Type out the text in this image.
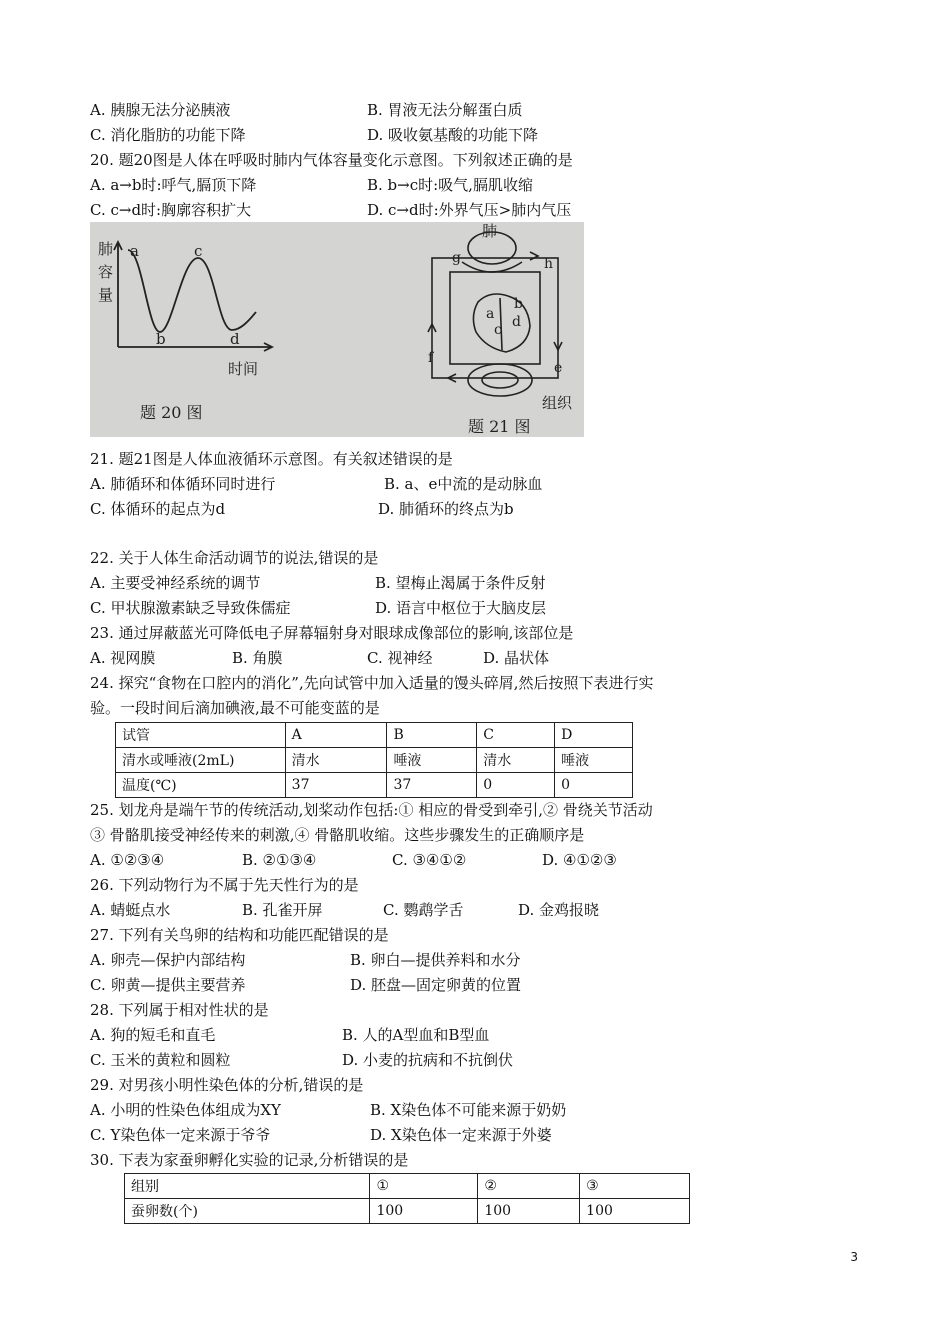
A. 胰腺无法分泌胰液	B. 胃液无法分解蛋白质
C. 消化脂肪的功能下降	D. 吸收氨基酸的功能下降
20. 题20图是人体在呼吸时肺内气体容量变化示意图。下列叙述正确的是
A. a→b时:呼气,膈顶下降	B. b→c时:吸气,膈肌收缩
C. c→d时:胸廓容积扩大	D. c→d时:外界气压>肺内气压
肺
容
量
a
b
c
d
时间
题 20 图
肺
a
b
c d
e
f
g	h
组织
题 21 图
21. 题21图是人体血液循环示意图。有关叙述错误的是
A. 肺循环和体循环同时进行	B. a、e中流的是动脉血
C. 体循环的起点为d	D. 肺循环的终点为b
22. 关于人体生命活动调节的说法,错误的是
A. 主要受神经系统的调节	B. 望梅止渴属于条件反射
C. 甲状腺激素缺乏导致侏儒症	D. 语言中枢位于大脑皮层
23. 通过屏蔽蓝光可降低电子屏幕辐射身对眼球成像部位的影响,该部位是
A. 视网膜	B. 角膜	C. 视神经	D. 晶状体
24. 探究“食物在口腔内的消化”,先向试管中加入适量的馒头碎屑,然后按照下表进行实
验。一段时间后滴加碘液,最不可能变蓝的是
试管	A	B	C	D
清水或唾液(2mL)	清水	唾液	清水	唾液
温度(℃)	37	37	0	0
25. 划龙舟是端午节的传统活动,划桨动作包括:① 相应的骨受到牵引,② 骨绕关节活动
③ 骨骼肌接受神经传来的刺激,④ 骨骼肌收缩。这些步骤发生的正确顺序是
A. ①②③④	B. ②①③④	C. ③④①②	D. ④①②③
26. 下列动物行为不属于先天性行为的是
A. 蜻蜓点水	B. 孔雀开屏	C. 鹦鹉学舌	D. 金鸡报晓
27. 下列有关鸟卵的结构和功能匹配错误的是
A. 卵壳—保护内部结构	B. 卵白—提供养料和水分
C. 卵黄—提供主要营养	D. 胚盘—固定卵黄的位置
28. 下列属于相对性状的是
A. 狗的短毛和直毛	B. 人的A型血和B型血
C. 玉米的黄粒和圆粒	D. 小麦的抗病和不抗倒伏
29. 对男孩小明性染色体的分析,错误的是
A. 小明的性染色体组成为XY	B. X染色体不可能来源于奶奶
C. Y染色体一定来源于爷爷	D. X染色体一定来源于外婆
30. 下表为家蚕卵孵化实验的记录,分析错误的是
组别	①	②	③
蚕卵数(个)	100	100	100
3
